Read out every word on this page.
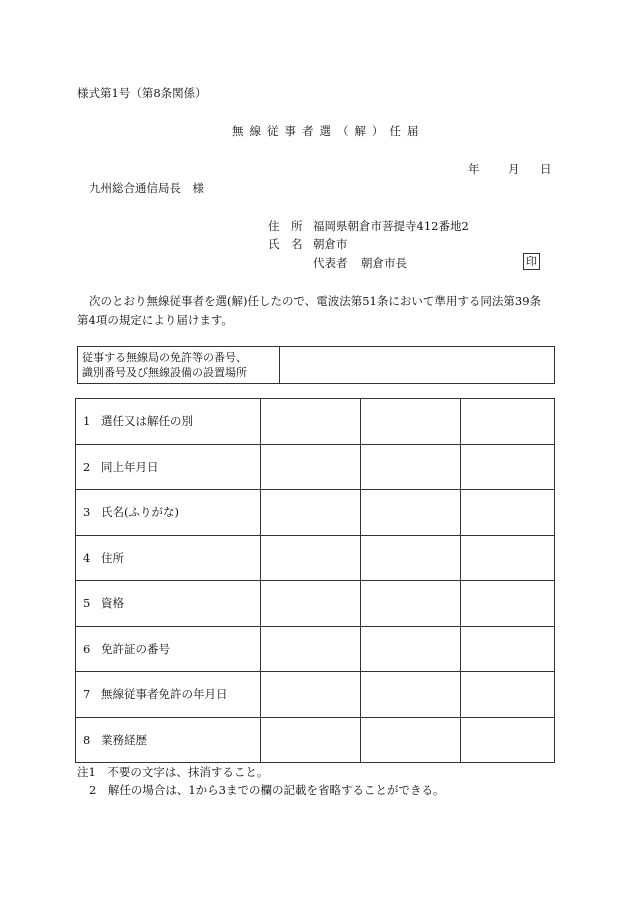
様式第1号（第8条関係）
無線従事者選（解）任届
年 月 日
九州総合通信局長　様
住　所 福岡県朝倉市菩提寺412番地2
氏　名 朝倉市
代表者 朝倉市長	印
次のとおり無線従事者を選(解)任したので、電波法第51条において準用する同法第39条
第4項の規定により届けます。
従事する無線局の免許等の番号、
識別番号及び無線設備の設置場所

1 選任又は解任の別			
2 同上年月日			
3 氏名(ふりがな)			
4 住所			
5 資格			
6 免許証の番号			
7 無線従事者免許の年月日			
8 業務経歴			
注1　不要の文字は、抹消すること。
2　解任の場合は、1から3までの欄の記載を省略することができる。
